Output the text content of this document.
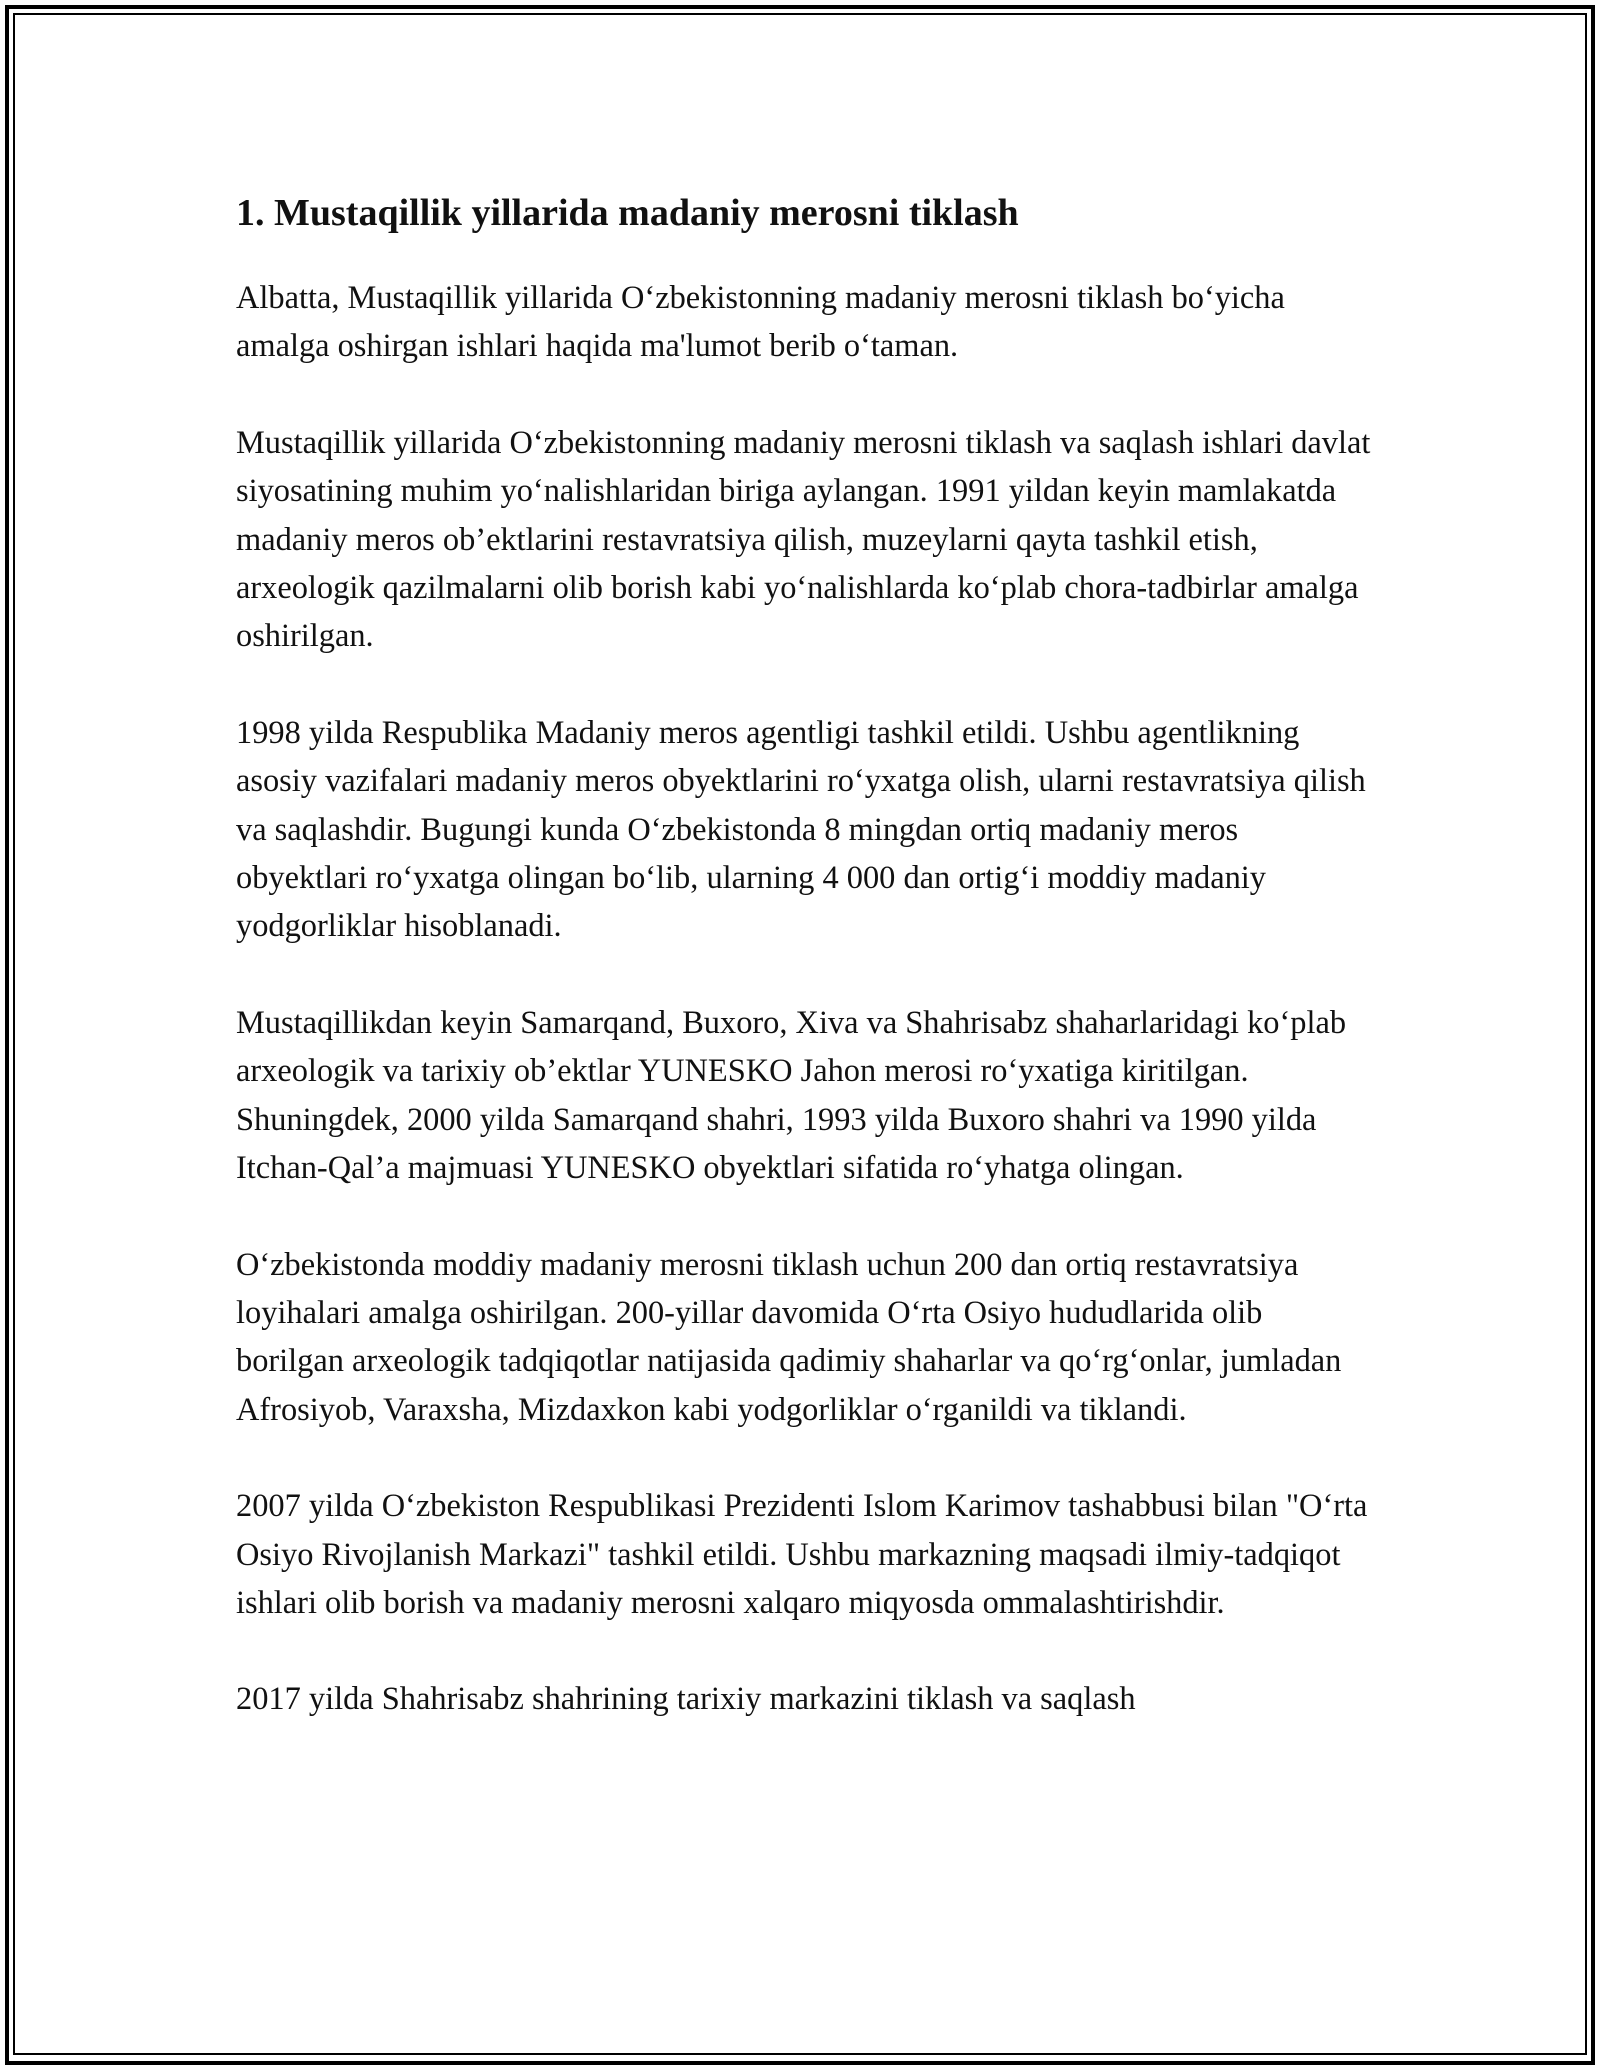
1. Mustaqillik yillarida madaniy merosni tiklash

Albatta, Mustaqillik yillarida O‘zbekistonning madaniy merosni tiklash bo‘yicha amalga oshirgan ishlari haqida ma'lumot berib o‘taman.

Mustaqillik yillarida O‘zbekistonning madaniy merosni tiklash va saqlash ishlari davlat siyosatining muhim yo‘nalishlaridan biriga aylangan. 1991 yildan keyin mamlakatda madaniy meros ob’ektlarini restavratsiya qilish, muzeylarni qayta tashkil etish, arxeologik qazilmalarni olib borish kabi yo‘nalishlarda ko‘plab chora-tadbirlar amalga oshirilgan.

1998 yilda Respublika Madaniy meros agentligi tashkil etildi. Ushbu agentlikning asosiy vazifalari madaniy meros obyektlarini ro‘yxatga olish, ularni restavratsiya qilish va saqlashdir. Bugungi kunda O‘zbekistonda 8 mingdan ortiq madaniy meros obyektlari ro‘yxatga olingan bo‘lib, ularning 4 000 dan ortig‘i moddiy madaniy yodgorliklar hisoblanadi.

Mustaqillikdan keyin Samarqand, Buxoro, Xiva va Shahrisabz shaharlaridagi ko‘plab arxeologik va tarixiy ob’ektlar YUNESKO Jahon merosi ro‘yxatiga kiritilgan. Shuningdek, 2000 yilda Samarqand shahri, 1993 yilda Buxoro shahri va 1990 yilda Itchan-Qal’a majmuasi YUNESKO obyektlari sifatida ro‘yhatga olingan.

O‘zbekistonda moddiy madaniy merosni tiklash uchun 200 dan ortiq restavratsiya loyihalari amalga oshirilgan. 200-yillar davomida O‘rta Osiyo hududlarida olib borilgan arxeologik tadqiqotlar natijasida qadimiy shaharlar va qo‘rg‘onlar, jumladan Afrosiyob, Varaxsha, Mizdaxkon kabi yodgorliklar o‘rganildi va tiklandi.

2007 yilda O‘zbekiston Respublikasi Prezidenti Islom Karimov tashabbusi bilan "O‘rta Osiyo Rivojlanish Markazi" tashkil etildi. Ushbu markazning maqsadi ilmiy-tadqiqot ishlari olib borish va madaniy merosni xalqaro miqyosda ommalashtirishdir.

2017 yilda Shahrisabz shahrining tarixiy markazini tiklash va saqlash
